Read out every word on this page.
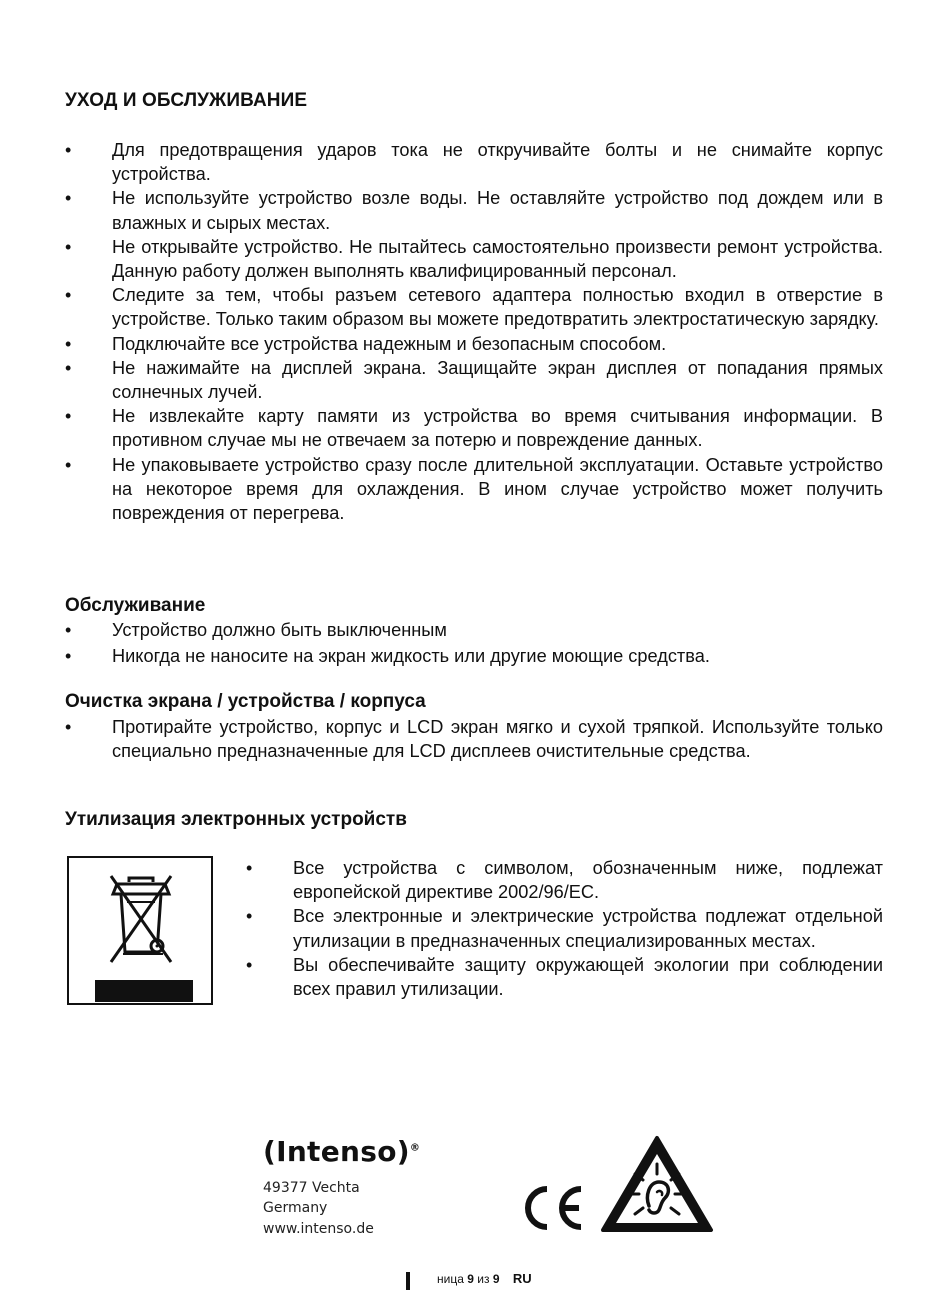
УХОД И ОБСЛУЖИВАНИЕ
• Для предотвращения ударов тока не откручивайте болты и не снимайте корпус устройства.
• Не используйте устройство возле воды. Не оставляйте устройство под дождем или в влажных и сырых местах.
• Не открывайте устройство. Не пытайтесь самостоятельно произвести ремонт устройства. Данную работу должен выполнять квалифицированный персонал.
• Следите за тем, чтобы разъем сетевого адаптера полностью входил в отверстие в устройстве. Только таким образом вы можете предотвратить электростатическую зарядку.
• Подключайте все устройства надежным и безопасным способом.
• Не нажимайте на дисплей экрана. Защищайте экран дисплея от попадания прямых солнечных лучей.
• Не извлекайте карту памяти из устройства во время считывания информации. В противном случае мы не отвечаем за потерю и повреждение данных.
• Не упаковываете устройство сразу после длительной эксплуатации. Оставьте устройство на некоторое время для охлаждения. В ином случае устройство может получить повреждения от перегрева.
Обслуживание
• Устройство должно быть выключенным
• Никогда не наносите на экран жидкость или другие моющие средства.
Очистка экрана / устройства / корпуса
• Протирайте устройство, корпус и LCD экран мягко и сухой тряпкой. Используйте только специально предназначенные для LCD дисплеев очистительные средства.
Утилизация электронных устройств
• Все устройства с символом, обозначенным ниже, подлежат европейской директиве 2002/96/EC.
• Все электронные и электрические устройства подлежат отдельной утилизации в предназначенных специализированных местах.
• Вы обеспечивайте защиту окружающей экологии при соблюдении всех правил утилизации.
(Intenso)®
49377 Vechta
Germany
www.intenso.de
ница 9 из 9 RU
